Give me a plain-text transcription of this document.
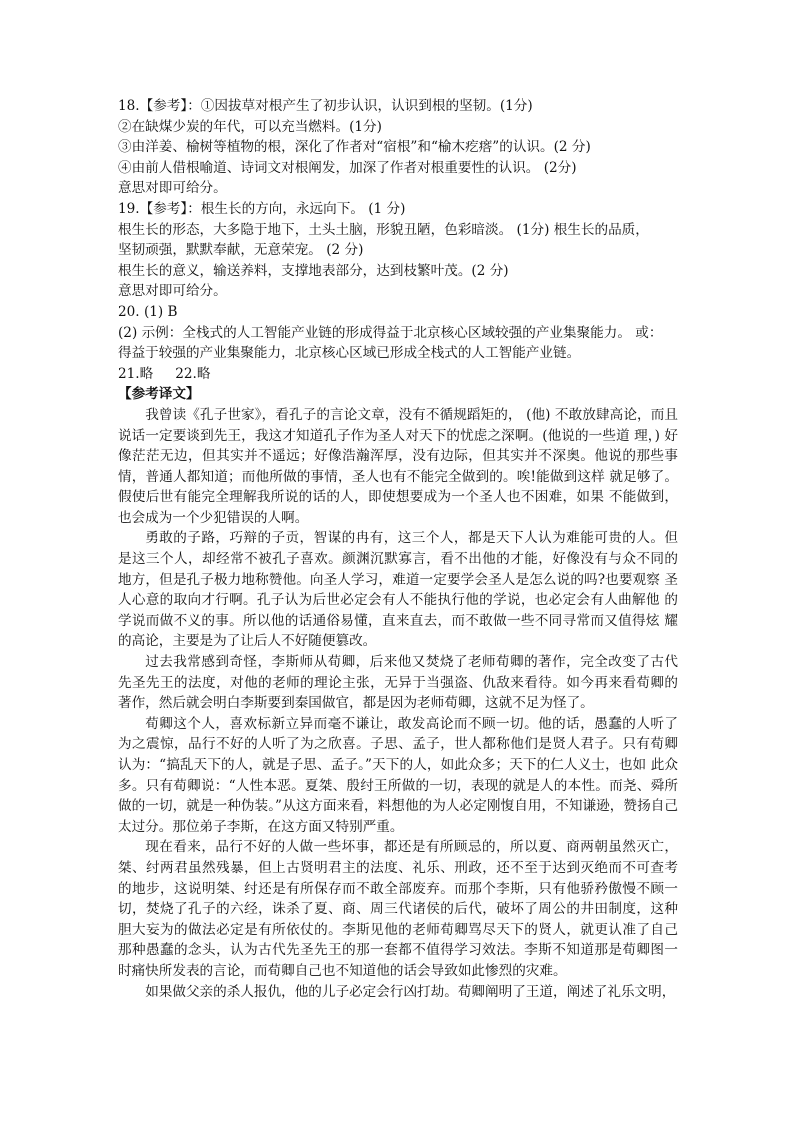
18.【参考】：①因拔草对根产生了初步认识，认识到根的坚韧。(1分)
②在缺煤少炭的年代，可以充当燃料。(1分)
③由洋姜、榆树等植物的根，深化了作者对“宿根”和“榆木疙瘩”的认识。(2 分)
④由前人借根喻道、诗词文对根阐发，加深了作者对根重要性的认识。 (2分)
意思对即可给分。
19.【参考】：根生长的方向，永远向下。 (1 分)
根生长的形态，大多隐于地下，土头土脑，形貌丑陋，色彩暗淡。 (1分) 根生长的品质，
坚韧顽强，默默奉献，无意荣宠。 (2 分)
根生长的意义，输送养料，支撑地表部分，达到枝繁叶茂。(2 分)
意思对即可给分。
20. (1) B
(2) 示例：全栈式的人工智能产业链的形成得益于北京核心区域较强的产业集聚能力。 或：
得益于较强的产业集聚能力，北京核心区域已形成全栈式的人工智能产业链。
21.略 22.略
【参考译文】
我曾读《孔子世家》，看孔子的言论文章，没有不循规蹈矩的， (他) 不敢放肆高论，而且说话一定要谈到先王，我这才知道孔子作为圣人对天下的忧虑之深啊。(他说的一些道 理，) 好像茫茫无边，但其实并不遥远；好像浩瀚浑厚，没有边际，但其实并不深奥。他说的那些事情，普通人都知道；而他所做的事情，圣人也有不能完全做到的。唉!能做到这样 就足够了。假使后世有能完全理解我所说的话的人，即使想要成为一个圣人也不困难，如果 不能做到，也会成为一个少犯错误的人啊。
勇敢的子路，巧辩的子贡，智谋的冉有，这三个人，都是天下人认为难能可贵的人。但 是这三个人，却经常不被孔子喜欢。颜渊沉默寡言，看不出他的才能，好像没有与众不同的 地方，但是孔子极力地称赞他。向圣人学习，难道一定要学会圣人是怎么说的吗?也要观察 圣人心意的取向才行啊。孔子认为后世必定会有人不能执行他的学说，也必定会有人曲解他 的学说而做不义的事。所以他的话通俗易懂，直来直去，而不敢做一些不同寻常而又值得炫 耀的高论，主要是为了让后人不好随便篡改。
过去我常感到奇怪，李斯师从荀卿，后来他又焚烧了老师荀卿的著作，完全改变了古代 先圣先王的法度，对他的老师的理论主张，无异于当强盗、仇敌来看待。如今再来看荀卿的 著作，然后就会明白李斯要到秦国做官，都是因为老师荀卿，这就不足为怪了。
荀卿这个人，喜欢标新立异而毫不谦让，敢发高论而不顾一切。他的话，愚蠢的人听了 为之震惊，品行不好的人听了为之欣喜。子思、孟子，世人都称他们是贤人君子。只有荀卿 认为：“搞乱天下的人，就是子思、孟子。”天下的人，如此众多；天下的仁人义士，也如 此众多。只有荀卿说：“人性本恶。夏桀、殷纣王所做的一切，表现的就是人的本性。而尧、舜所做的一切，就是一种伪装。”从这方面来看，料想他的为人必定刚愎自用，不知谦逊，赞扬自己太过分。那位弟子李斯，在这方面又特别严重。
现在看来，品行不好的人做一些坏事，都还是有所顾忌的，所以夏、商两朝虽然灭亡，桀、纣两君虽然残暴，但上古贤明君主的法度、礼乐、刑政，还不至于达到灭绝而不可查考 的地步，这说明桀、纣还是有所保存而不敢全部废弃。而那个李斯，只有他骄矜傲慢不顾一 切，焚烧了孔子的六经，诛杀了夏、商、周三代诸侯的后代，破坏了周公的井田制度，这种 胆大妄为的做法必定是有所依仗的。李斯见他的老师荀卿骂尽天下的贤人，就更认准了自己 那种愚蠢的念头，认为古代先圣先王的那一套都不值得学习效法。李斯不知道那是荀卿图一 时痛快所发表的言论，而荀卿自己也不知道他的话会导致如此惨烈的灾难。
如果做父亲的杀人报仇，他的儿子必定会行凶打劫。荀卿阐明了王道，阐述了礼乐文明，
